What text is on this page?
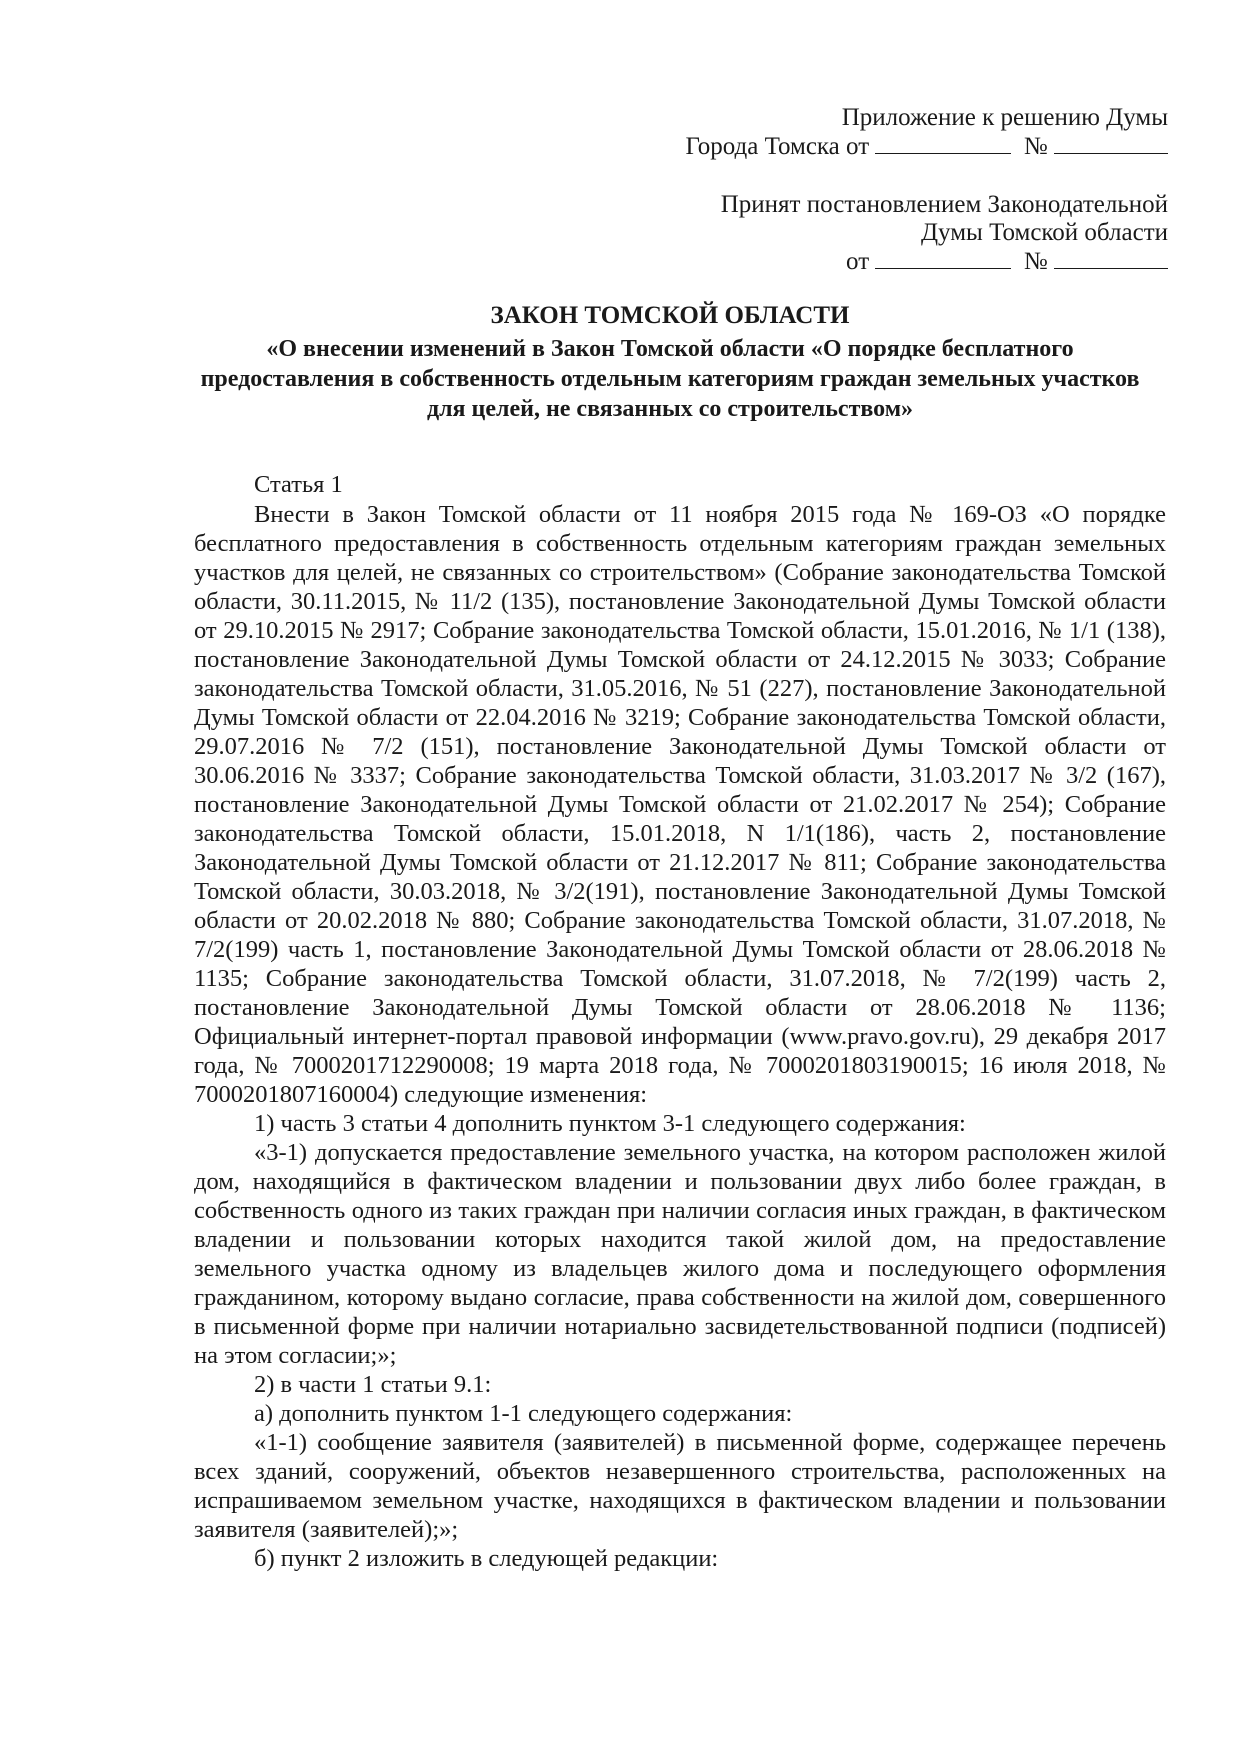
Приложение к решению Думы
Города Томска от	№
Принят постановлением Законодательной
Думы Томской области
от	№
ЗАКОН ТОМСКОЙ ОБЛАСТИ
«О внесении изменений в Закон Томской области «О порядке бесплатного предоставления в собственность отдельным категориям граждан земельных участков для целей, не связанных со строительством»

Статья 1

Внести в Закон Томской области от 11 ноября 2015 года № 169-ОЗ «О порядке бесплатного предоставления в собственность отдельным категориям граждан земельных участков для целей, не связанных со строительством» (Собрание законодательства Томской области, 30.11.2015, № 11/2 (135), постановление Законодательной Думы Томской области от 29.10.2015 № 2917; Собрание законодательства Томской области, 15.01.2016, № 1/1 (138), постановление Законодательной Думы Томской области от 24.12.2015 № 3033; Собрание законодательства Томской области, 31.05.2016, № 51 (227), постановление Законодательной Думы Томской области от 22.04.2016 № 3219; Собрание законодательства Томской области, 29.07.2016 № 7/2 (151), постановление Законодательной Думы Томской области от 30.06.2016 № 3337; Собрание законодательства Томской области, 31.03.2017 № 3/2 (167), постановление Законодательной Думы Томской области от 21.02.2017 № 254); Собрание законодательства Томской области, 15.01.2018, N 1/1(186), часть 2, постановление Законодательной Думы Томской области от 21.12.2017 № 811; Собрание законодательства Томской области, 30.03.2018, № 3/2(191), постановление Законодательной Думы Томской области от 20.02.2018 № 880; Собрание законодательства Томской области, 31.07.2018, № 7/2(199) часть 1, постановление Законодательной Думы Томской области от 28.06.2018 № 1135; Собрание законодательства Томской области, 31.07.2018, № 7/2(199) часть 2, постановление Законодательной Думы Томской области от 28.06.2018 № 1136; Официальный интернет-портал правовой информации (www.pravo.gov.ru), 29 декабря 2017 года, № 7000201712290008; 19 марта 2018 года, № 7000201803190015; 16 июля 2018, № 7000201807160004) следующие изменения:

1) часть 3 статьи 4 дополнить пунктом 3-1 следующего содержания:

«3-1) допускается предоставление земельного участка, на котором расположен жилой дом, находящийся в фактическом владении и пользовании двух либо более граждан, в собственность одного из таких граждан при наличии согласия иных граждан, в фактическом владении и пользовании которых находится такой жилой дом, на предоставление земельного участка одному из владельцев жилого дома и последующего оформления гражданином, которому выдано согласие, права собственности на жилой дом, совершенного в письменной форме при наличии нотариально засвидетельствованной подписи (подписей) на этом согласии;»;

2) в части 1 статьи 9.1:

а) дополнить пунктом 1-1 следующего содержания:

«1-1) сообщение заявителя (заявителей) в письменной форме, содержащее перечень всех зданий, сооружений, объектов незавершенного строительства, расположенных на испрашиваемом земельном участке, находящихся в фактическом владении и пользовании заявителя (заявителей);»;

б) пункт 2 изложить в следующей редакции:
